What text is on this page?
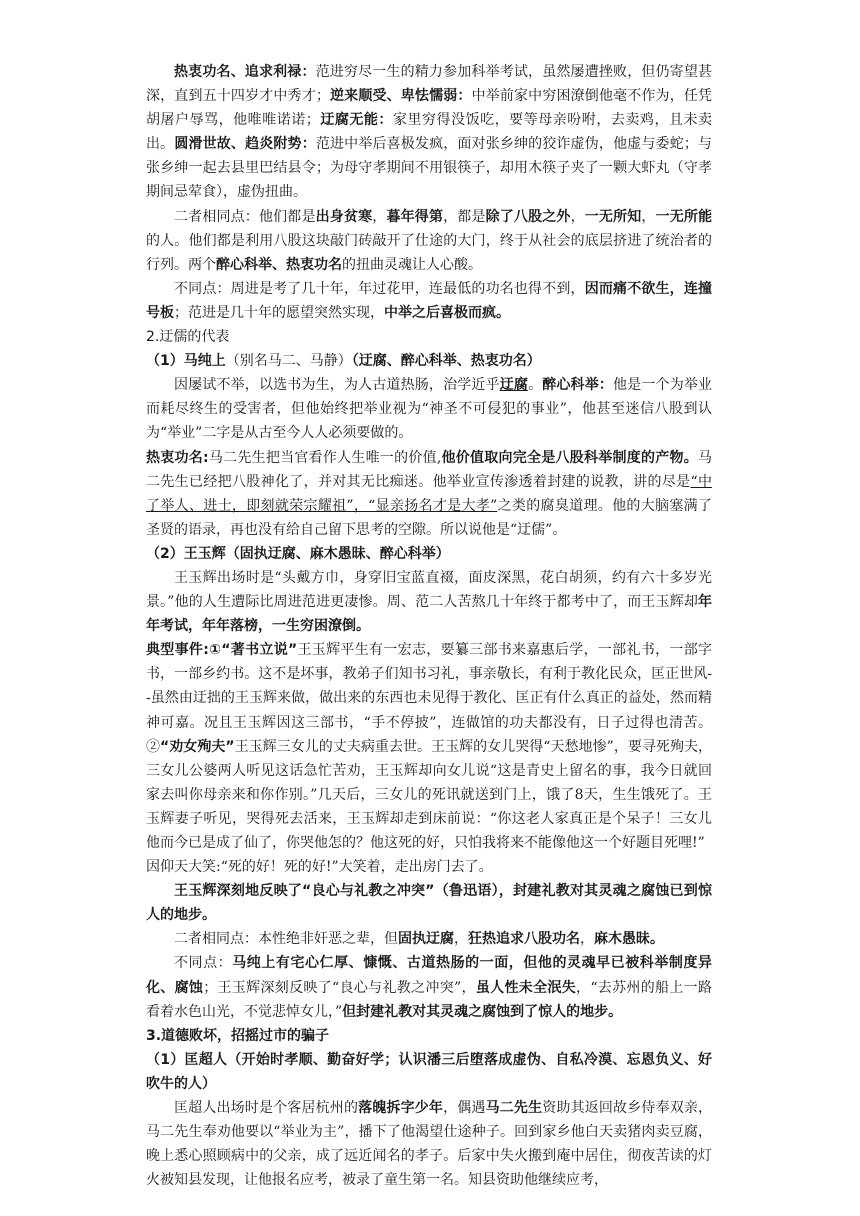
热衷功名、追求利禄：范进穷尽一生的精力参加科举考试，虽然屡遭挫败，但仍寄望甚深，直到五十四岁才中秀才；逆来顺受、卑怯懦弱：中举前家中穷困潦倒他毫不作为，任凭胡屠户辱骂，他唯唯诺诺；迂腐无能：家里穷得没饭吃，要等母亲吩咐，去卖鸡，且未卖出。圆滑世故、趋炎附势：范进中举后喜极发疯，面对张乡绅的狡诈虚伪，他虚与委蛇；与张乡绅一起去县里巴结县令；为母守孝期间不用银筷子，却用木筷子夹了一颗大虾丸（守孝期间忌荤食），虚伪扭曲。

二者相同点：他们都是出身贫寒，暮年得第，都是除了八股之外，一无所知，一无所能的人。他们都是利用八股这块敲门砖敲开了仕途的大门，终于从社会的底层挤进了统治者的行列。两个醉心科举、热衷功名的扭曲灵魂让人心酸。

不同点：周进是考了几十年，年过花甲，连最低的功名也得不到，因而痛不欲生，连撞号板；范进是几十年的愿望突然实现，中举之后喜极而疯。

2.迂儒的代表

（1）马纯上（别名马二、马静）（迂腐、醉心科举、热衷功名）

因屡试不举，以选书为生，为人古道热肠，治学近乎迂腐。醉心科举：他是一个为举业而耗尽终生的受害者，但他始终把举业视为“神圣不可侵犯的事业”，他甚至迷信八股到认为“举业”二字是从古至今人人必须要做的。

热衷功名:马二先生把当官看作人生唯一的价值,他价值取向完全是八股科举制度的产物。马二先生已经把八股神化了，并对其无比痴迷。他举业宣传渗透着封建的说教，讲的尽是“中了举人、进士，即刻就荣宗耀祖”，“显亲扬名才是大孝”之类的腐臭道理。他的大脑塞满了圣贤的语录，再也没有给自己留下思考的空隙。所以说他是“迂儒”。

（2）王玉辉（固执迂腐、麻木愚昧、醉心科举）

王玉辉出场时是“头戴方巾，身穿旧宝蓝直裰，面皮深黑，花白胡须，约有六十多岁光景。”他的人生遭际比周进范进更凄惨。周、范二人苦熬几十年终于都考中了，而王玉辉却年年考试，年年落榜，一生穷困潦倒。

典型事件:①“著书立说”王玉辉平生有一宏志，要纂三部书来嘉惠后学，一部礼书，一部字书，一部乡约书。这不是坏事，教弟子们知书习礼，事亲敬长，有利于教化民众，匡正世风--虽然由迂拙的王玉辉来做，做出来的东西也未见得于教化、匡正有什么真正的益处，然而精神可嘉。况且王玉辉因这三部书，“手不停披”，连做馆的功夫都没有，日子过得也清苦。②“劝女殉夫”王玉辉三女儿的丈夫病重去世。王玉辉的女儿哭得“天愁地惨”，要寻死殉夫，三女儿公婆两人听见这话急忙苦劝，王玉辉却向女儿说“这是青史上留名的事，我今日就回家去叫你母亲来和你作别。”几天后，三女儿的死讯就送到门上，饿了8天，生生饿死了。王玉辉妻子听见，哭得死去活来，王玉辉却走到床前说：“你这老人家真正是个呆子！三女儿他而今已是成了仙了，你哭他怎的？他这死的好，只怕我将来不能像他这一个好题目死哩!”

因仰天大笑:“死的好！死的好!”大笑着，走出房门去了。

王玉辉深刻地反映了“良心与礼教之冲突”（鲁迅语），封建礼教对其灵魂之腐蚀已到惊人的地步。

二者相同点：本性绝非奸恶之辈，但固执迂腐，狂热追求八股功名，麻木愚昧。

不同点：马纯上有宅心仁厚、慷慨、古道热肠的一面，但他的灵魂早已被科举制度异化、腐蚀；王玉辉深刻反映了“良心与礼教之冲突”，虽人性未全泯失，“去苏州的船上一路看着水色山光，不觉悲悼女儿，”但封建礼教对其灵魂之腐蚀到了惊人的地步。

3.道德败坏，招摇过市的骗子

（1）匡超人（开始时孝顺、勤奋好学；认识潘三后堕落成虚伪、自私冷漠、忘恩负义、好吹牛的人）

匡超人出场时是个客居杭州的落魄拆字少年，偶遇马二先生资助其返回故乡侍奉双亲，马二先生奉劝他要以“举业为主”，播下了他渴望仕途种子。回到家乡他白天卖猪肉卖豆腐，晚上悉心照顾病中的父亲，成了远近闻名的孝子。后家中失火搬到庵中居住，彻夜苦读的灯火被知县发现，让他报名应考，被录了童生第一名。知县资助他继续应考，
